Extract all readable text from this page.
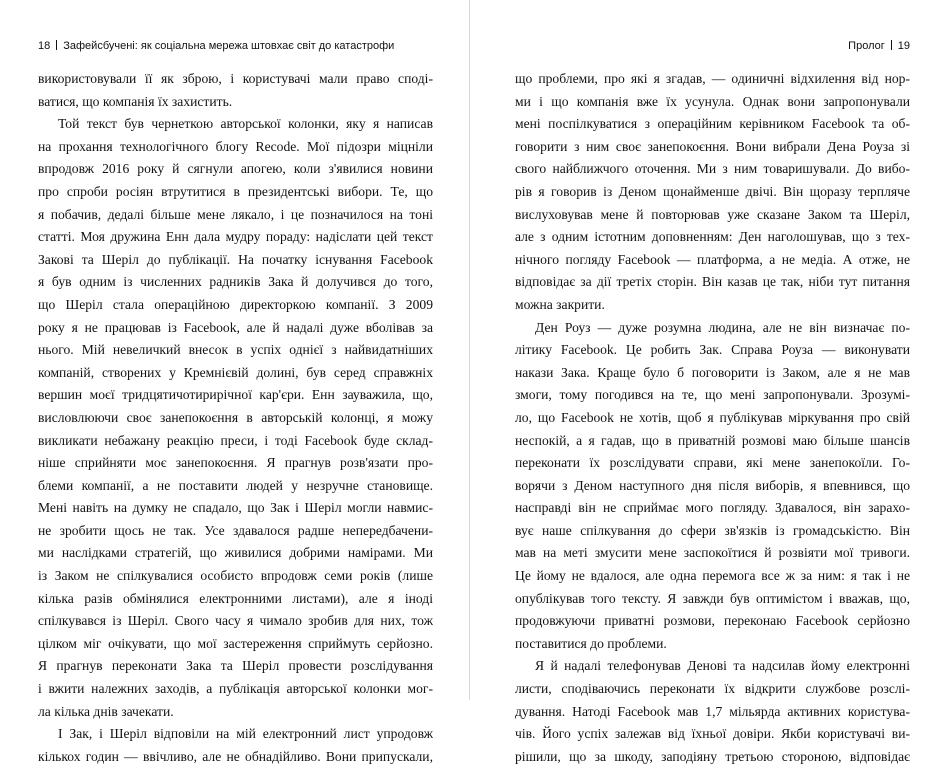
18 Зафейсбучені: як соціальна мережа штовхає світ до катастрофи
використовували її як зброю, і користувачі мали право споді-
ватися, що компанія їх захистить.
Той текст був чернеткою авторської колонки, яку я написав
на прохання технологічного блогу Recode. Мої підозри міцніли
впродовж 2016 року й сягнули апогею, коли з'явилися новини
про спроби росіян втрутитися в президентські вибори. Те, що
я побачив, дедалі більше мене лякало, і це позначилося на тоні
статті. Моя дружина Енн дала мудру пораду: надіслати цей текст
Закові та Шеріл до публікації. На початку існування Facebook
я був одним із численних радників Зака й долучився до того,
що Шеріл стала операційною директоркою компанії. З 2009
року я не працював із Facebook, але й надалі дуже вболівав за
нього. Мій невеличкий внесок в успіх однієї з найвидатніших
компаній, створених у Кремнієвій долині, був серед справжніх
вершин моєї тридцятичотирирічної кар'єри. Енн зауважила, що,
висловлюючи своє занепокоєння в авторській колонці, я можу
викликати небажану реакцію преси, і тоді Facebook буде склад-
ніше сприйняти моє занепокоєння. Я прагнув розв'язати про-
блеми компанії, а не поставити людей у незручне становище.
Мені навіть на думку не спадало, що Зак і Шеріл могли навмис-
не зробити щось не так. Усе здавалося радше непередбачени-
ми наслідками стратегій, що живилися добрими намірами. Ми
із Заком не спілкувалися особисто впродовж семи років (лише
кілька разів обмінялися електронними листами), але я іноді
спілкувався із Шеріл. Свого часу я чимало зробив для них, тож
цілком міг очікувати, що мої застереження сприймуть серйозно.
Я прагнув переконати Зака та Шеріл провести розслідування
і вжити належних заходів, а публікація авторської колонки мог-
ла кілька днів зачекати.
І Зак, і Шеріл відповіли на мій електронний лист упродовж
кількох годин — ввічливо, але не обнадійливо. Вони припускали,
Пролог 19
що проблеми, про які я згадав, — одиничні відхилення від нор-
ми і що компанія вже їх усунула. Однак вони запропонували
мені поспілкуватися з операційним керівником Facebook та об-
говорити з ним своє занепокоєння. Вони вибрали Дена Роуза зі
свого найближчого оточення. Ми з ним товаришували. До вибо-
рів я говорив із Деном щонайменше двічі. Він щоразу терпляче
вислуховував мене й повторював уже сказане Заком та Шеріл,
але з одним істотним доповненням: Ден наголошував, що з тех-
нічного погляду Facebook — платформа, а не медіа. А отже, не
відповідає за дії третіх сторін. Він казав це так, ніби тут питання
можна закрити.
Ден Роуз — дуже розумна людина, але не він визначає по-
літику Facebook. Це робить Зак. Справа Роуза — виконувати
накази Зака. Краще було б поговорити із Заком, але я не мав
змоги, тому погодився на те, що мені запропонували. Зрозумі-
ло, що Facebook не хотів, щоб я публікував міркування про свій
неспокій, а я гадав, що в приватній розмові маю більше шансів
переконати їх розслідувати справи, які мене занепокоїли. Го-
ворячи з Деном наступного дня після виборів, я впевнився, що
насправді він не сприймає мого погляду. Здавалося, він зарахо-
вує наше спілкування до сфери зв'язків із громадськістю. Він
мав на меті змусити мене заспокоїтися й розвіяти мої тривоги.
Це йому не вдалося, але одна перемога все ж за ним: я так і не
опублікував того тексту. Я завжди був оптимістом і вважав, що,
продовжуючи приватні розмови, переконаю Facebook серйозно
поставитися до проблеми.
Я й надалі телефонував Денові та надсилав йому електронні
листи, сподіваючись переконати їх відкрити службове розслі-
дування. Натоді Facebook мав 1,7 мільярда активних користува-
чів. Його успіх залежав від їхньої довіри. Якби користувачі ви-
рішили, що за шкоду, заподіяну третьою стороною, відповідає
